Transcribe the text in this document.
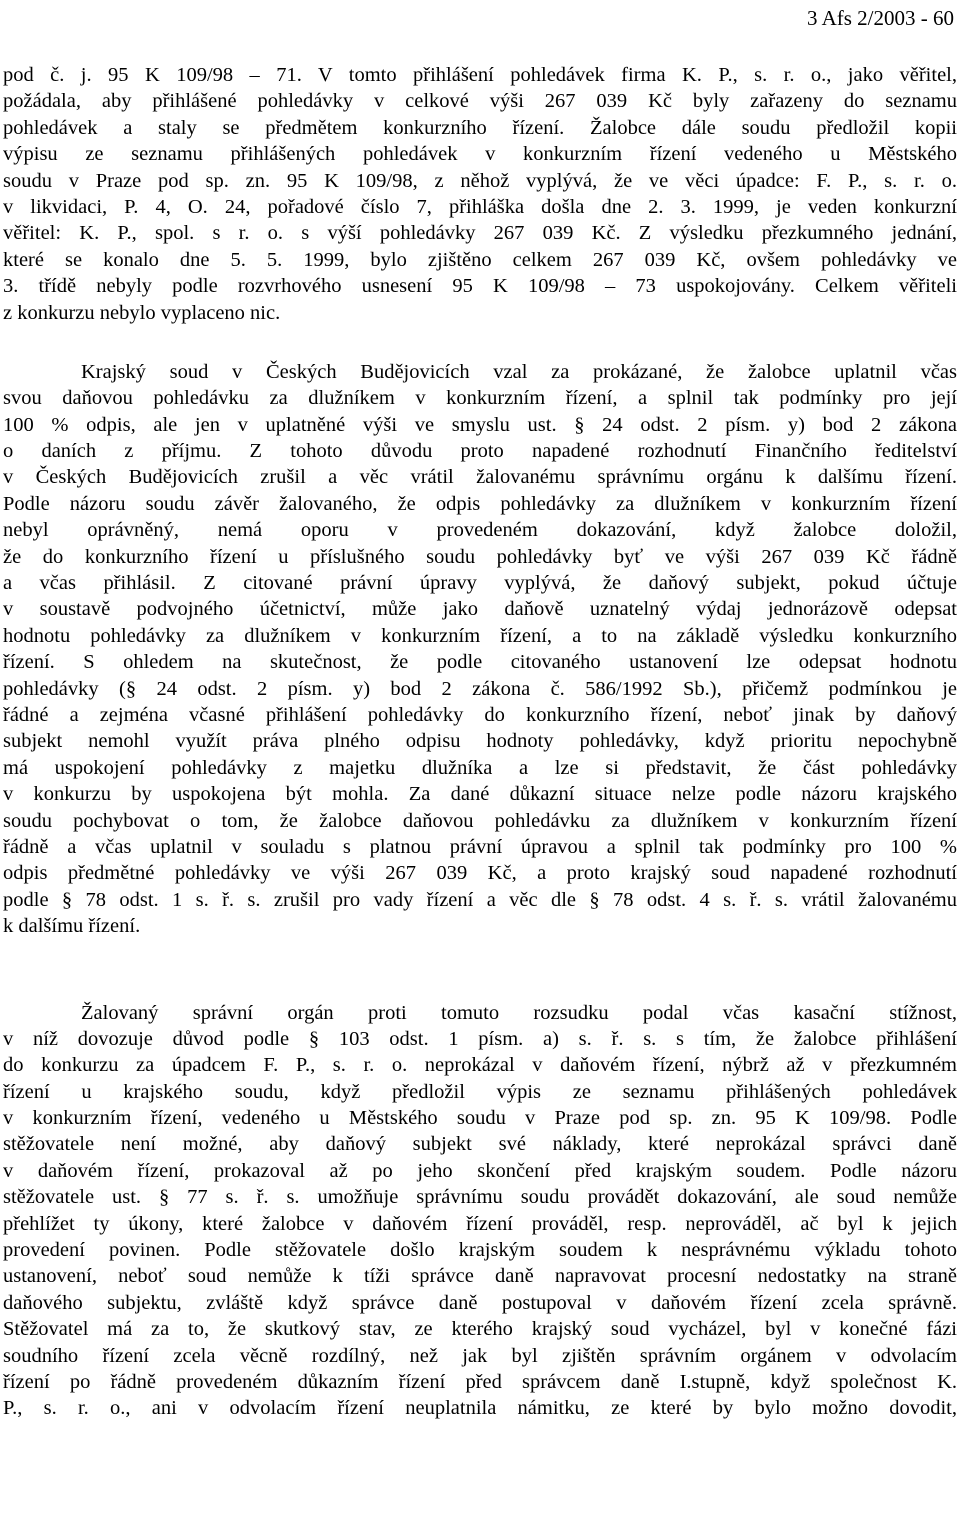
3 Afs 2/2003 - 60
pod č. j. 95 K 109/98 – 71. V tomto přihlášení pohledávek firma K. P., s. r. o., jako věřitel,
požádala, aby přihlášené pohledávky v celkové výši 267 039 Kč byly zařazeny do seznamu
pohledávek a staly se předmětem konkurzního řízení. Žalobce dále soudu předložil kopii
výpisu ze seznamu přihlášených pohledávek v konkurzním řízení vedeného u Městského
soudu v Praze pod sp. zn. 95 K 109/98, z něhož vyplývá, že ve věci úpadce: F. P., s. r. o.
v likvidaci, P. 4, O. 24, pořadové číslo 7, přihláška došla dne 2. 3. 1999, je veden konkurzní
věřitel: K. P., spol. s r. o. s výší pohledávky 267 039 Kč. Z výsledku přezkumného jednání,
které se konalo dne 5. 5. 1999, bylo zjištěno celkem 267 039 Kč, ovšem pohledávky ve
3. třídě nebyly podle rozvrhového usnesení 95 K 109/98 – 73 uspokojovány. Celkem věřiteli
z konkurzu nebylo vyplaceno nic.
Krajský soud v Českých Budějovicích vzal za prokázané, že žalobce uplatnil včas
svou daňovou pohledávku za dlužníkem v konkurzním řízení, a splnil tak podmínky pro její
100 % odpis, ale jen v uplatněné výši ve smyslu ust. § 24 odst. 2 písm. y) bod 2 zákona
o daních z příjmu. Z tohoto důvodu proto napadené rozhodnutí Finančního ředitelství
v Českých Budějovicích zrušil a věc vrátil žalovanému správnímu orgánu k dalšímu řízení.
Podle názoru soudu závěr žalovaného, že odpis pohledávky za dlužníkem v konkurzním řízení
nebyl oprávněný, nemá oporu v provedeném dokazování, když žalobce doložil,
že do konkurzního řízení u příslušného soudu pohledávky byť ve výši 267 039 Kč řádně
a včas přihlásil. Z citované právní úpravy vyplývá, že daňový subjekt, pokud účtuje
v soustavě podvojného účetnictví, může jako daňově uznatelný výdaj jednorázově odepsat
hodnotu pohledávky za dlužníkem v konkurzním řízení, a to na základě výsledku konkurzního
řízení. S ohledem na skutečnost, že podle citovaného ustanovení lze odepsat hodnotu
pohledávky (§ 24 odst. 2 písm. y) bod 2 zákona č. 586/1992 Sb.), přičemž podmínkou je
řádné a zejména včasné přihlášení pohledávky do konkurzního řízení, neboť jinak by daňový
subjekt nemohl využít práva plného odpisu hodnoty pohledávky, když prioritu nepochybně
má uspokojení pohledávky z majetku dlužníka a lze si představit, že část pohledávky
v konkurzu by uspokojena být mohla. Za dané důkazní situace nelze podle názoru krajského
soudu pochybovat o tom, že žalobce daňovou pohledávku za dlužníkem v konkurzním řízení
řádně a včas uplatnil v souladu s platnou právní úpravou a splnil tak podmínky pro 100 %
odpis předmětné pohledávky ve výši 267 039 Kč, a proto krajský soud napadené rozhodnutí
podle § 78 odst. 1 s. ř. s. zrušil pro vady řízení a věc dle § 78 odst. 4 s. ř. s. vrátil žalovanému
k dalšímu řízení.
Žalovaný správní orgán proti tomuto rozsudku podal včas kasační stížnost,
v níž dovozuje důvod podle § 103 odst. 1 písm. a) s. ř. s. s tím, že žalobce přihlášení
do konkurzu za úpadcem F. P., s. r. o. neprokázal v daňovém řízení, nýbrž až v přezkumném
řízení u krajského soudu, když předložil výpis ze seznamu přihlášených pohledávek
v konkurzním řízení, vedeného u Městského soudu v Praze pod sp. zn. 95 K 109/98. Podle
stěžovatele není možné, aby daňový subjekt své náklady, které neprokázal správci daně
v daňovém řízení, prokazoval až po jeho skončení před krajským soudem. Podle názoru
stěžovatele ust. § 77 s. ř. s. umožňuje správnímu soudu provádět dokazování, ale soud nemůže
přehlížet ty úkony, které žalobce v daňovém řízení prováděl, resp. neprováděl, ač byl k jejich
provedení povinen. Podle stěžovatele došlo krajským soudem k nesprávnému výkladu tohoto
ustanovení, neboť soud nemůže k tíži správce daně napravovat procesní nedostatky na straně
daňového subjektu, zvláště když správce daně postupoval v daňovém řízení zcela správně.
Stěžovatel má za to, že skutkový stav, ze kterého krajský soud vycházel, byl v konečné fázi
soudního řízení zcela věcně rozdílný, než jak byl zjištěn správním orgánem v odvolacím
řízení po řádně provedeném důkazním řízení před správcem daně I.stupně, když společnost K.
P., s. r. o., ani v odvolacím řízení neuplatnila námitku, ze které by bylo možno dovodit,
